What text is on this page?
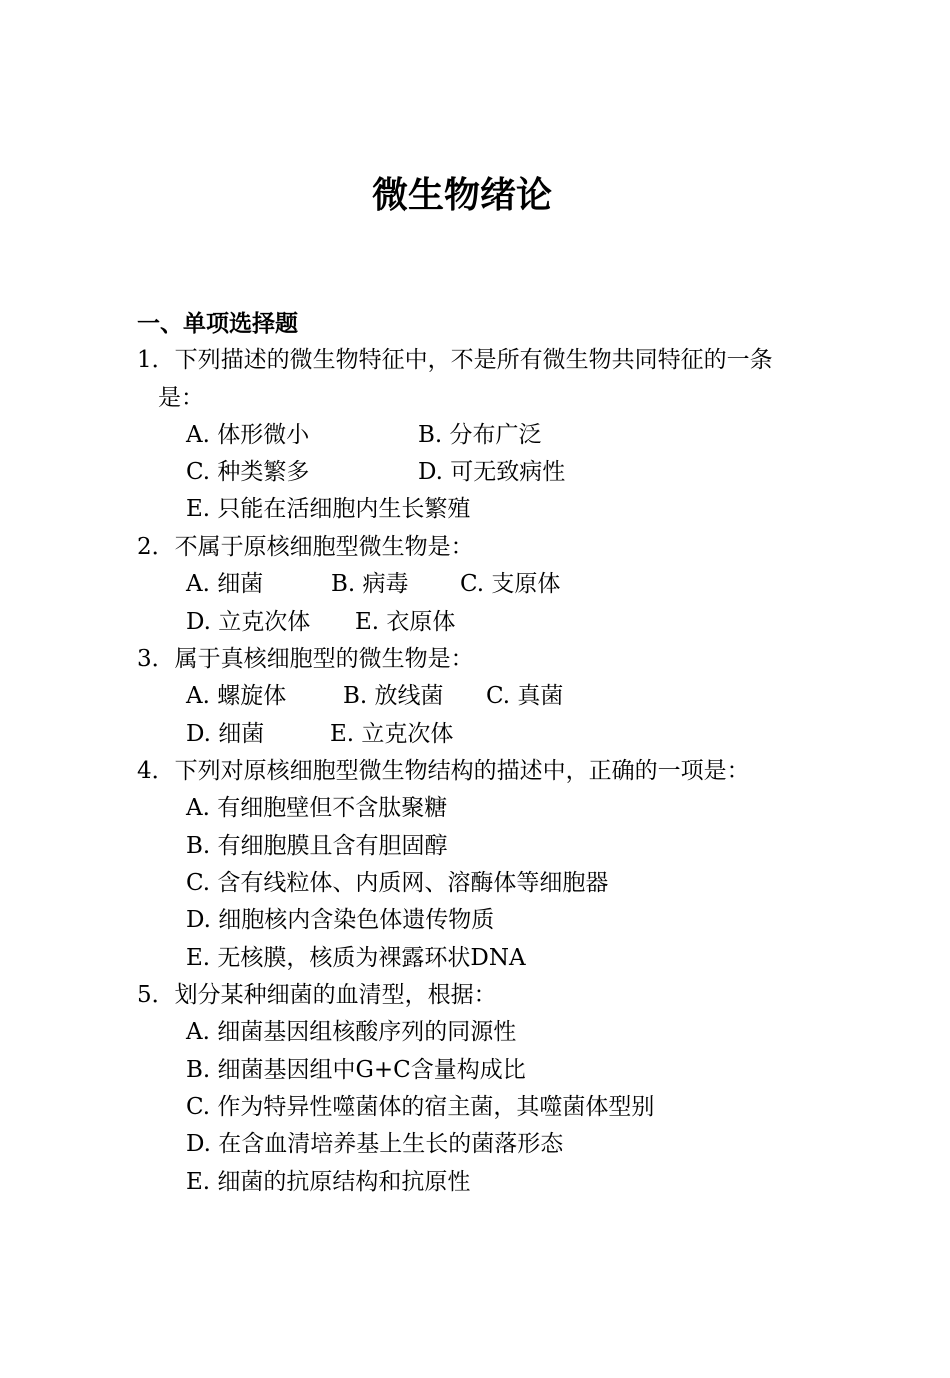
微生物绪论
一、单项选择题
1．下列描述的微生物特征中，不是所有微生物共同特征的一条
是：
A. 体形微小	B. 分布广泛
C. 种类繁多	D. 可无致病性
E. 只能在活细胞内生长繁殖
2．不属于原核细胞型微生物是：
A. 细菌	B. 病毒 C. 支原体
D. 立克次体 E. 衣原体
3．属于真核细胞型的微生物是：
A. 螺旋体 B. 放线菌 C. 真菌
D. 细菌	E. 立克次体
4．下列对原核细胞型微生物结构的描述中，正确的一项是：
A. 有细胞壁但不含肽聚糖
B. 有细胞膜且含有胆固醇
C. 含有线粒体、内质网、溶酶体等细胞器
D. 细胞核内含染色体遗传物质
E. 无核膜，核质为裸露环状DNA
5．划分某种细菌的血清型，根据：
A. 细菌基因组核酸序列的同源性
B. 细菌基因组中G+C含量构成比
C. 作为特异性噬菌体的宿主菌，其噬菌体型别
D. 在含血清培养基上生长的菌落形态
E. 细菌的抗原结构和抗原性
